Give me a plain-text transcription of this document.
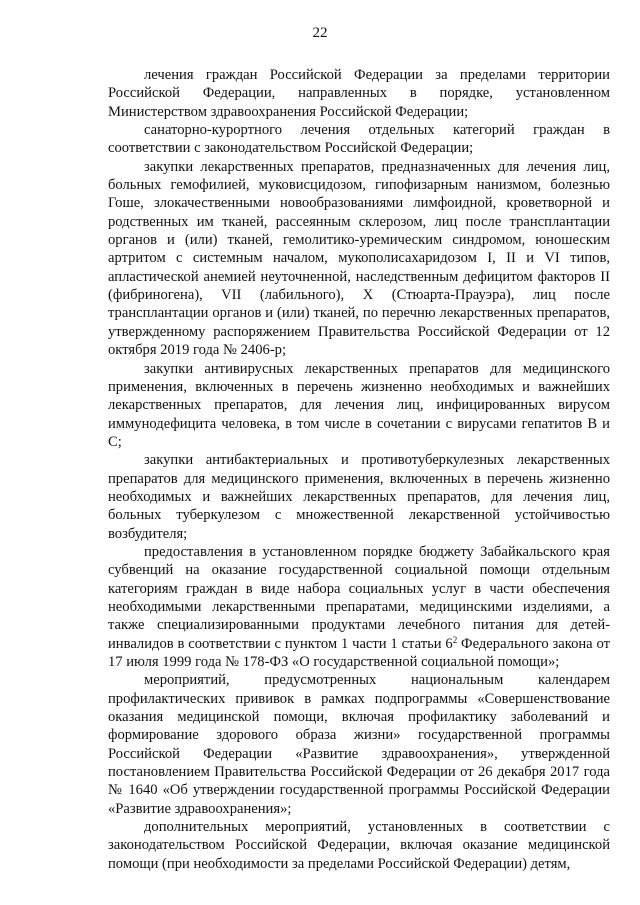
22

лечения граждан Российской Федерации за пределами территории Российской Федерации, направленных в порядке, установленном Министерством здравоохранения Российской Федерации;

санаторно-курортного лечения отдельных категорий граждан в соответствии с законодательством Российской Федерации;

закупки лекарственных препаратов, предназначенных для лечения лиц, больных гемофилией, муковисцидозом, гипофизарным нанизмом, болезнью Гоше, злокачественными новообразованиями лимфоидной, кроветворной и родственных им тканей, рассеянным склерозом, лиц после трансплантации органов и (или) тканей, гемолитико-уремическим синдромом, юношеским артритом с системным началом, мукополисахаридозом I, II и VI типов, апластической анемией неуточненной, наследственным дефицитом факторов II (фибриногена), VII (лабильного), X (Стюарта-Прауэра), лиц после трансплантации органов и (или) тканей, по перечню лекарственных препаратов, утвержденному распоряжением Правительства Российской Федерации от 12 октября 2019 года № 2406-р;

закупки антивирусных лекарственных препаратов для медицинского применения, включенных в перечень жизненно необходимых и важнейших лекарственных препаратов, для лечения лиц, инфицированных вирусом иммунодефицита человека, в том числе в сочетании с вирусами гепатитов B и C;

закупки антибактериальных и противотуберкулезных лекарственных препаратов для медицинского применения, включенных в перечень жизненно необходимых и важнейших лекарственных препаратов, для лечения лиц, больных туберкулезом с множественной лекарственной устойчивостью возбудителя;

предоставления в установленном порядке бюджету Забайкальского края субвенций на оказание государственной социальной помощи отдельным категориям граждан в виде набора социальных услуг в части обеспечения необходимыми лекарственными препаратами, медицинскими изделиями, а также специализированными продуктами лечебного питания для детей-инвалидов в соответствии с пунктом 1 части 1 статьи $6^2$ Федерального закона от 17 июля 1999 года № 178-ФЗ «О государственной социальной помощи»;

мероприятий, предусмотренных национальным календарем профилактических прививок в рамках подпрограммы «Совершенствование оказания медицинской помощи, включая профилактику заболеваний и формирование здорового образа жизни» государственной программы Российской Федерации «Развитие здравоохранения», утвержденной постановлением Правительства Российской Федерации от 26 декабря 2017 года № 1640 «Об утверждении государственной программы Российской Федерации «Развитие здравоохранения»;

дополнительных мероприятий, установленных в соответствии с законодательством Российской Федерации, включая оказание медицинской помощи (при необходимости за пределами Российской Федерации) детям,
